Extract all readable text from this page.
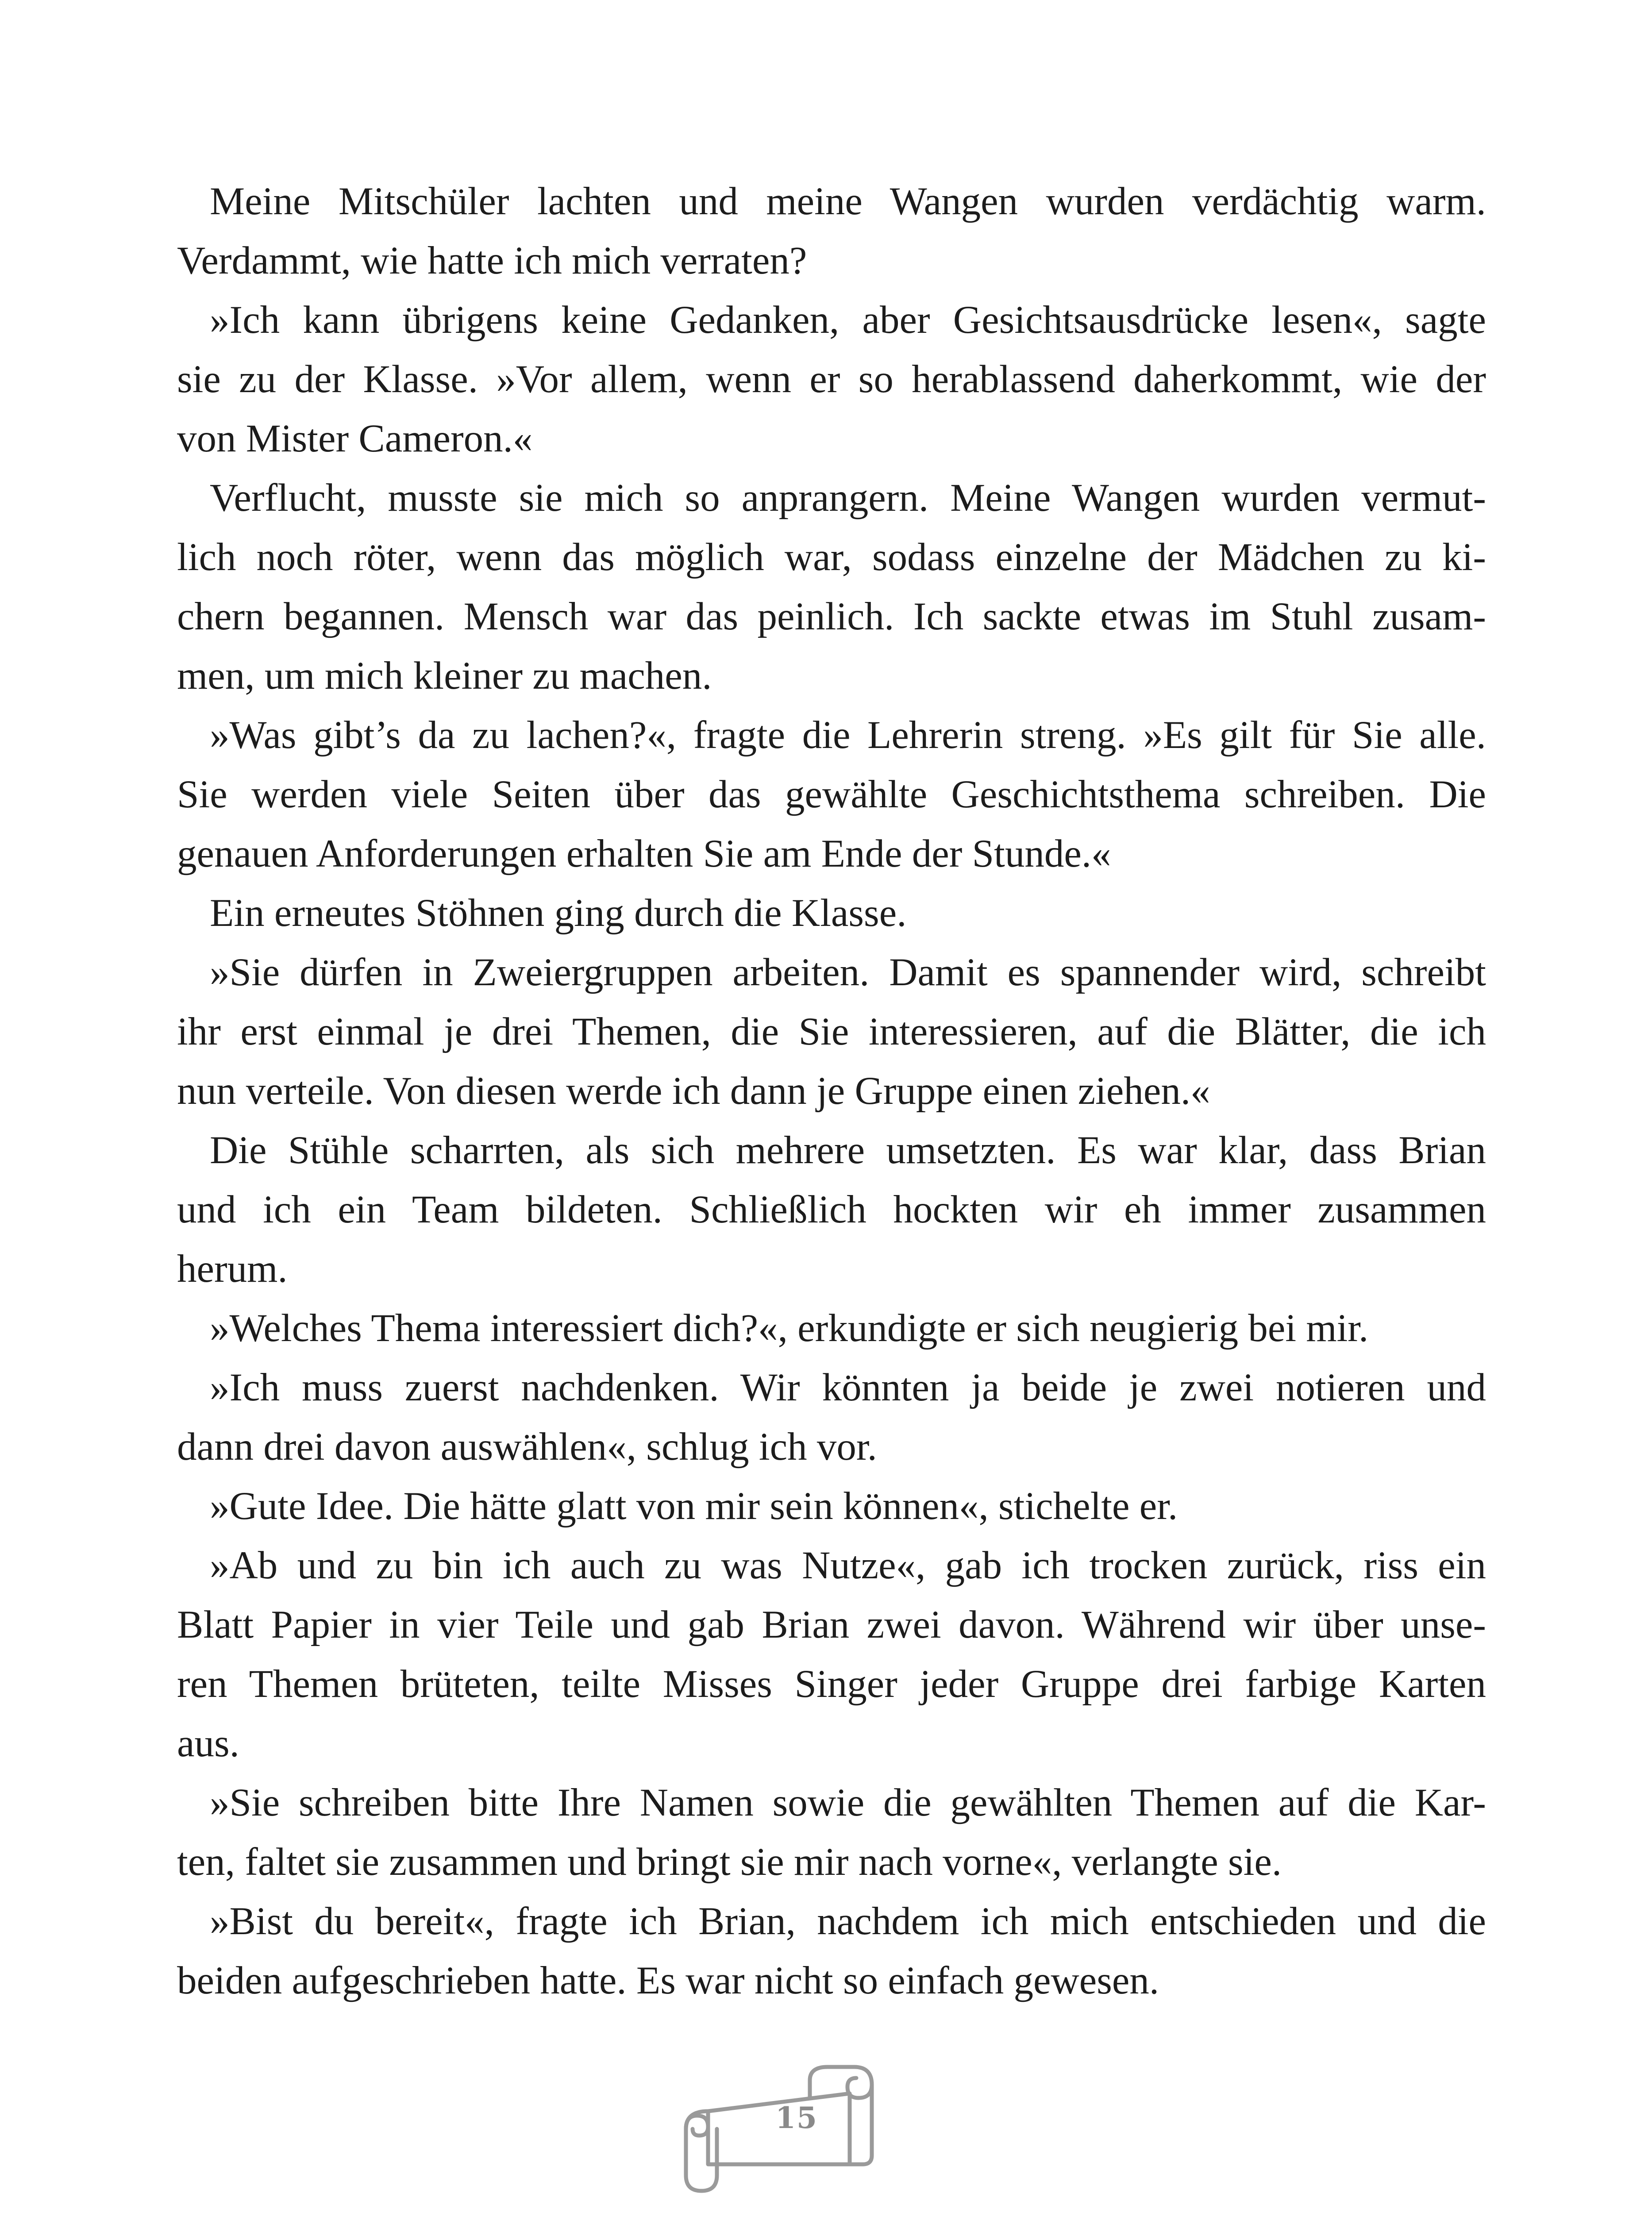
Meine Mitschüler lachten und meine Wangen wurden verdächtig warm.
Verdammt, wie hatte ich mich verraten?
»Ich kann übrigens keine Gedanken, aber Gesichtsausdrücke lesen«, sagte
sie zu der Klasse. »Vor allem, wenn er so herablassend daherkommt, wie der
von Mister Cameron.«
Verflucht, musste sie mich so anprangern. Meine Wangen wurden vermut-
lich noch röter, wenn das möglich war, sodass einzelne der Mädchen zu ki-
chern begannen. Mensch war das peinlich. Ich sackte etwas im Stuhl zusam-
men, um mich kleiner zu machen.
»Was gibt’s da zu lachen?«, fragte die Lehrerin streng. »Es gilt für Sie alle.
Sie werden viele Seiten über das gewählte Geschichtsthema schreiben. Die
genauen Anforderungen erhalten Sie am Ende der Stunde.«
Ein erneutes Stöhnen ging durch die Klasse.
»Sie dürfen in Zweiergruppen arbeiten. Damit es spannender wird, schreibt
ihr erst einmal je drei Themen, die Sie interessieren, auf die Blätter, die ich
nun verteile. Von diesen werde ich dann je Gruppe einen ziehen.«
Die Stühle scharrten, als sich mehrere umsetzten. Es war klar, dass Brian
und ich ein Team bildeten. Schließlich hockten wir eh immer zusammen
herum.
»Welches Thema interessiert dich?«, erkundigte er sich neugierig bei mir.
»Ich muss zuerst nachdenken. Wir könnten ja beide je zwei notieren und
dann drei davon auswählen«, schlug ich vor.
»Gute Idee. Die hätte glatt von mir sein können«, stichelte er.
»Ab und zu bin ich auch zu was Nutze«, gab ich trocken zurück, riss ein
Blatt Papier in vier Teile und gab Brian zwei davon. Während wir über unse-
ren Themen brüteten, teilte Misses Singer jeder Gruppe drei farbige Karten
aus.
»Sie schreiben bitte Ihre Namen sowie die gewählten Themen auf die Kar-
ten, faltet sie zusammen und bringt sie mir nach vorne«, verlangte sie.
»Bist du bereit«, fragte ich Brian, nachdem ich mich entschieden und die
beiden aufgeschrieben hatte. Es war nicht so einfach gewesen.
15
